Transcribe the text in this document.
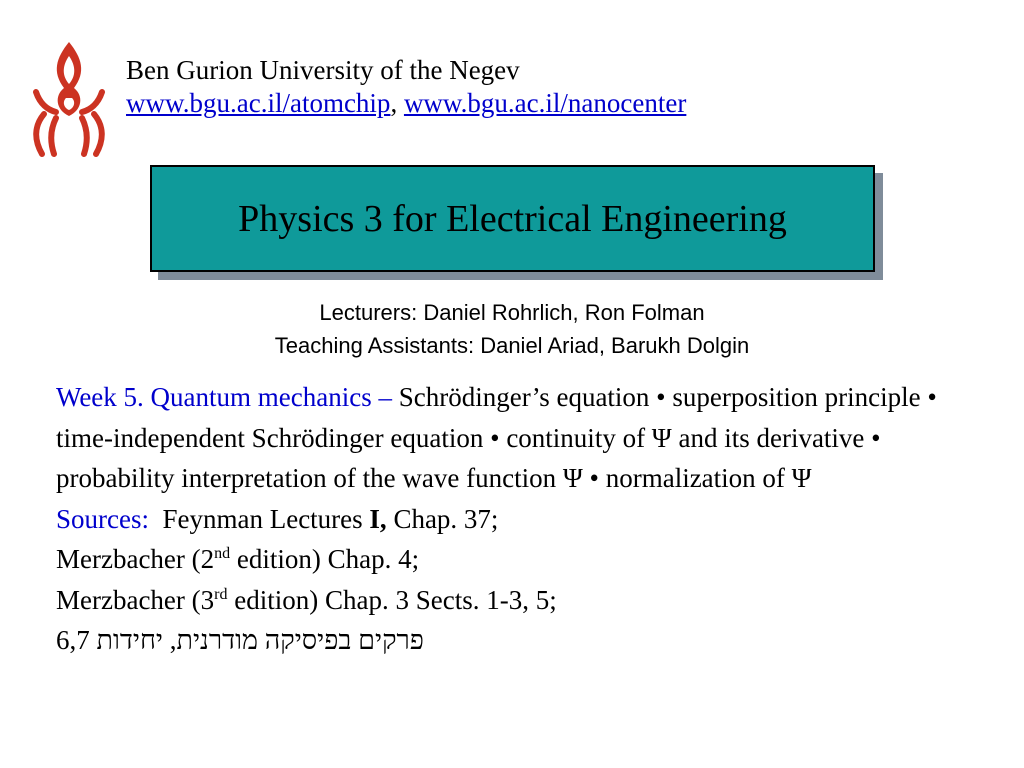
Ben Gurion University of the Negev
www.bgu.ac.il/atomchip, www.bgu.ac.il/nanocenter
Physics 3 for Electrical Engineering
Lecturers: Daniel Rohrlich, Ron Folman
Teaching Assistants: Daniel Ariad, Barukh Dolgin
Week 5. Quantum mechanics – Schrödinger’s equation • superposition principle • time-independent Schrödinger equation • continuity of Ψ and its derivative • probability interpretation of the wave function Ψ • normalization of Ψ
Sources: Feynman Lectures I, Chap. 37;
Merzbacher (2nd edition) Chap. 4;
Merzbacher (3rd edition) Chap. 3 Sects. 1-3, 5;
6,7 פרקים בפיסיקה מודרנית, יחידות
